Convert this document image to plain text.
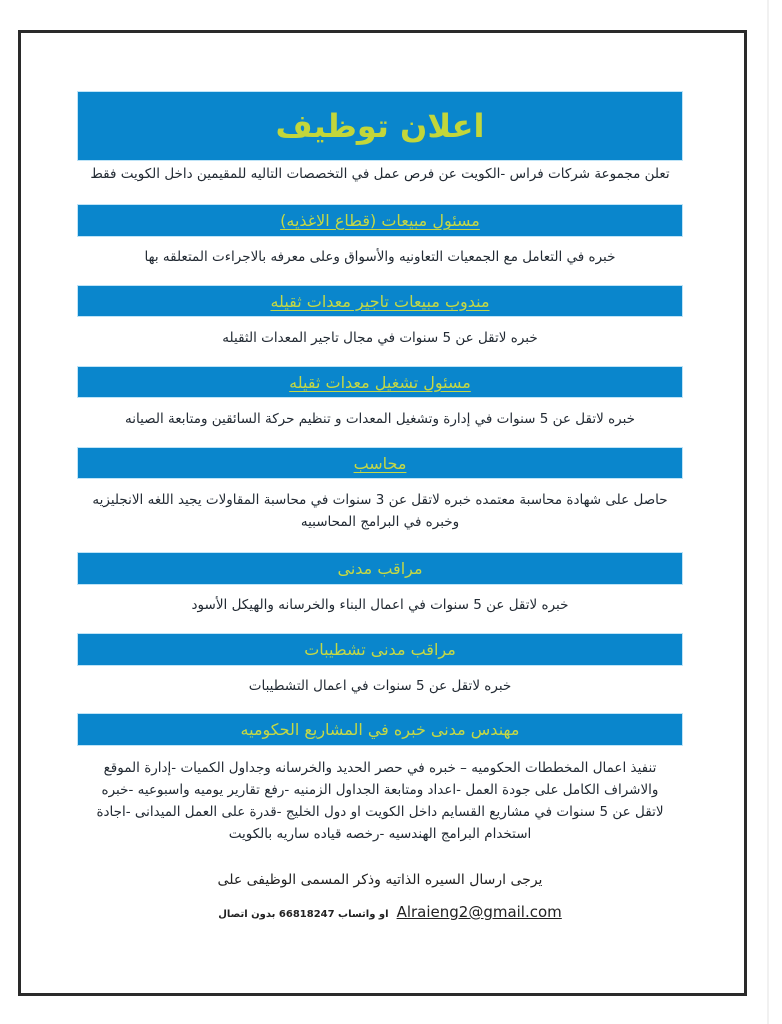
اعلان توظيف
تعلن مجموعة شركات فراس -الكويت عن فرص عمل في التخصصات التاليه للمقيمين داخل الكويت فقط
مسئول مبيعات (قطاع الاغذيه)
خبره في التعامل مع الجمعيات التعاونيه والأسواق وعلى معرفه بالاجراءت المتعلقه بها
مندوب مبيعات تاجير معدات ثقيله
خبره لاتقل عن 5 سنوات في مجال تاجير المعدات الثقيله
مسئول تشغيل معدات ثقيله
خبره لاتقل عن 5 سنوات في إدارة وتشغيل المعدات و تنظيم حركة السائقين ومتابعة الصيانه
محاسب
حاصل على شهادة محاسبة معتمده خبره لاتقل عن 3 سنوات في محاسبة المقاولات يجيد اللغه الانجليزيه
وخبره في البرامج المحاسبيه
مراقب مدنى
خبره لاتقل عن 5 سنوات في اعمال البناء والخرسانه والهيكل الأسود
مراقب مدنى تشطيبات
خبره لاتقل عن 5 سنوات في اعمال التشطيبات
مهندس مدنى خبره في المشاريع الحكوميه
تنفيذ اعمال المخططات الحكوميه – خبره في حصر الحديد والخرسانه وجداول الكميات -إدارة الموقع
والاشراف الكامل على جودة العمل -اعداد ومتابعة الجداول الزمنيه -رفع تقارير يوميه واسبوعيه -خبره
لاتقل عن 5 سنوات في مشاريع القسايم داخل الكويت او دول الخليج -قدرة على العمل الميدانى -اجادة
استخدام البرامج الهندسيه -رخصه قياده ساريه بالكويت
يرجى ارسال السيره الذاتيه وذكر المسمى الوظيفى على
او واتساب 66818247 بدون اتصال Alraieng2@gmail.com
